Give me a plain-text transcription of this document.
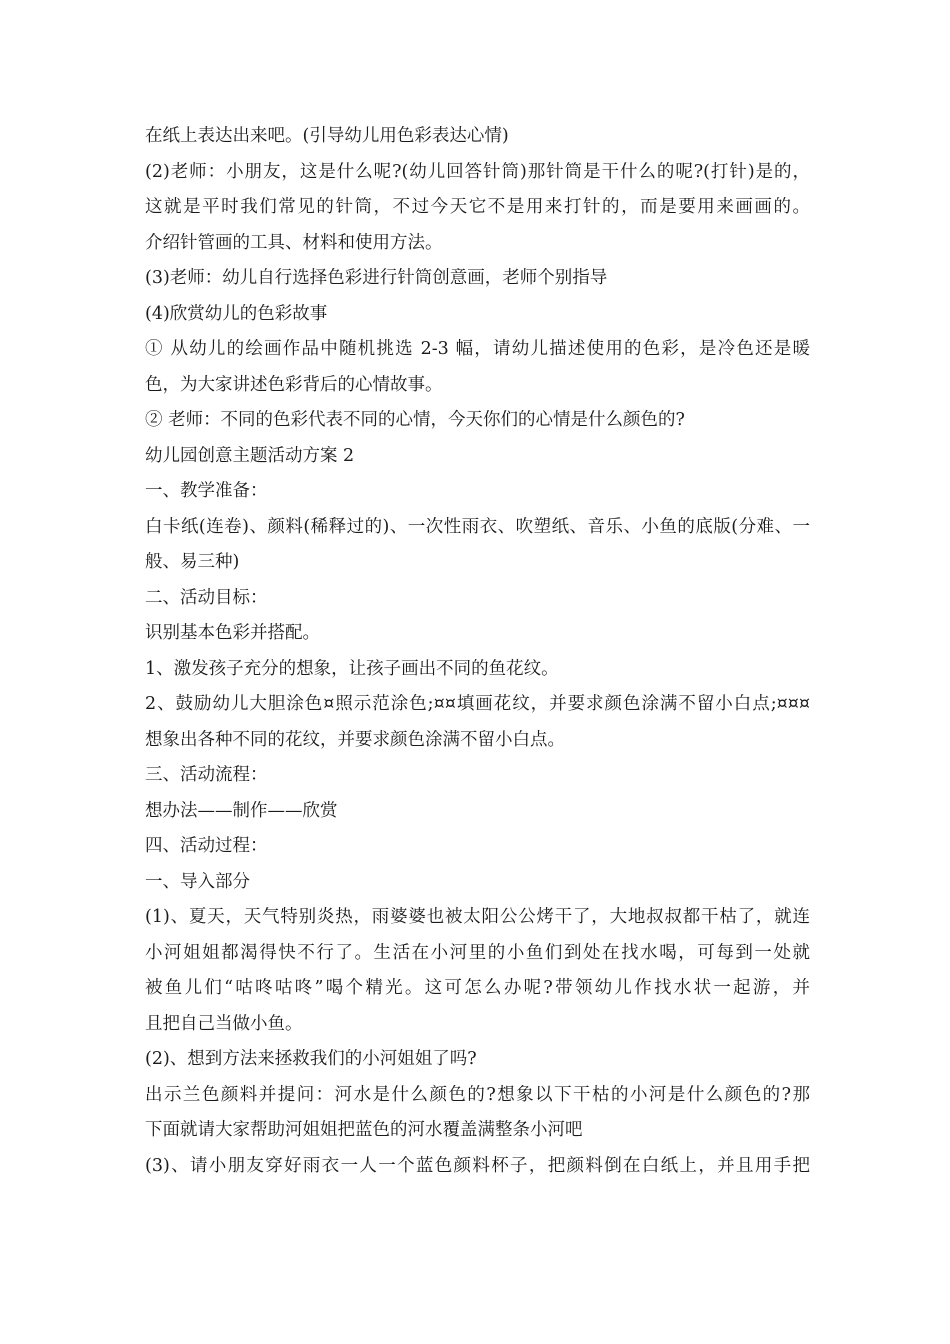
在纸上表达出来吧。(引导幼儿用色彩表达心情)
(2)老师：小朋友，这是什么呢?(幼儿回答针筒)那针筒是干什么的呢?(打针)是的，
这就是平时我们常见的针筒，不过今天它不是用来打针的，而是要用来画画的。
介绍针管画的工具、材料和使用方法。
(3)老师：幼儿自行选择色彩进行针筒创意画，老师个别指导
(4)欣赏幼儿的色彩故事
① 从幼儿的绘画作品中随机挑选 2-3 幅，请幼儿描述使用的色彩，是冷色还是暖
色，为大家讲述色彩背后的心情故事。
② 老师：不同的色彩代表不同的心情，今天你们的心情是什么颜色的?
幼儿园创意主题活动方案 2
一、教学准备：
白卡纸(连卷)、颜料(稀释过的)、一次性雨衣、吹塑纸、音乐、小鱼的底版(分难、一
般、易三种)
二、活动目标：
识别基本色彩并搭配。
1、激发孩子充分的想象，让孩子画出不同的鱼花纹。
2、鼓励幼儿大胆涂色¤照示范涂色;¤¤填画花纹，并要求颜色涂满不留小白点;¤¤¤
想象出各种不同的花纹，并要求颜色涂满不留小白点。
三、活动流程：
想办法——制作——欣赏
四、活动过程：
一、导入部分
(1)、夏天，天气特别炎热，雨婆婆也被太阳公公烤干了，大地叔叔都干枯了，就连
小河姐姐都渴得快不行了。生活在小河里的小鱼们到处在找水喝，可每到一处就
被鱼儿们“咕咚咕咚”喝个精光。这可怎么办呢?带领幼儿作找水状一起游，并
且把自己当做小鱼。
(2)、想到方法来拯救我们的小河姐姐了吗?
出示兰色颜料并提问：河水是什么颜色的?想象以下干枯的小河是什么颜色的?那
下面就请大家帮助河姐姐把蓝色的河水覆盖满整条小河吧
(3)、请小朋友穿好雨衣一人一个蓝色颜料杯子，把颜料倒在白纸上，并且用手把
